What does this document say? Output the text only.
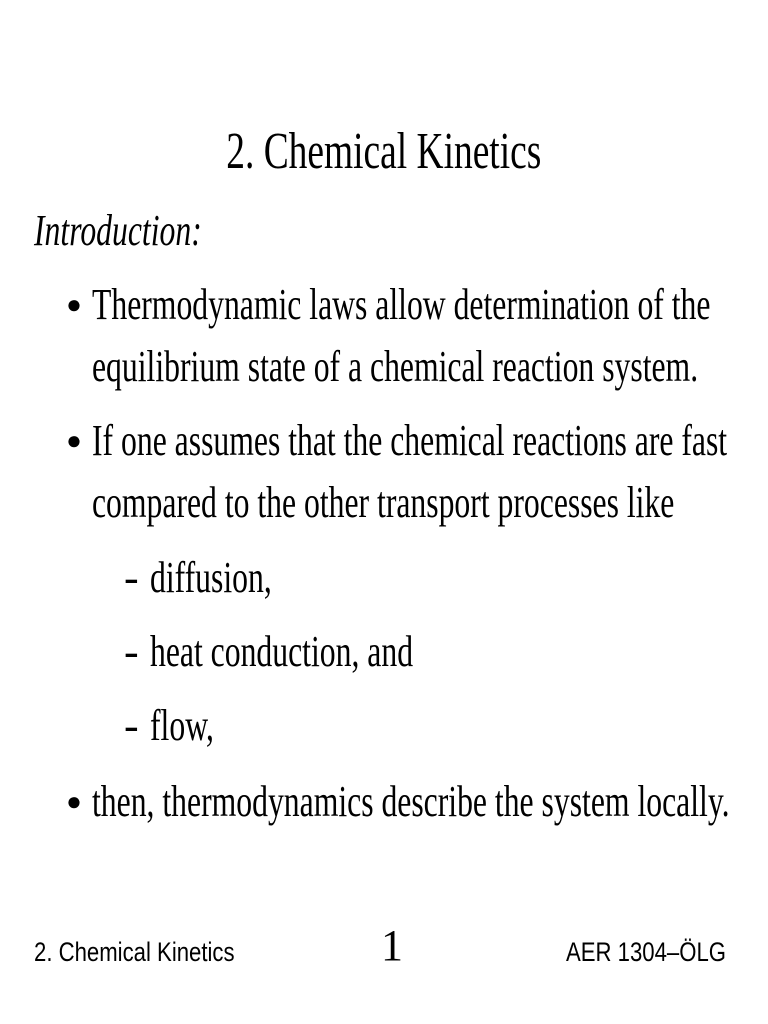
2. Chemical Kinetics
Introduction:
● Thermodynamic laws allow determination of the
equilibrium state of a chemical reaction system.
● If one assumes that the chemical reactions are fast
compared to the other transport processes like
- diffusion,
- heat conduction, and
- flow,
● then, thermodynamics describe the system locally.
2. Chemical Kinetics	1	AER 1304–ÖLG
